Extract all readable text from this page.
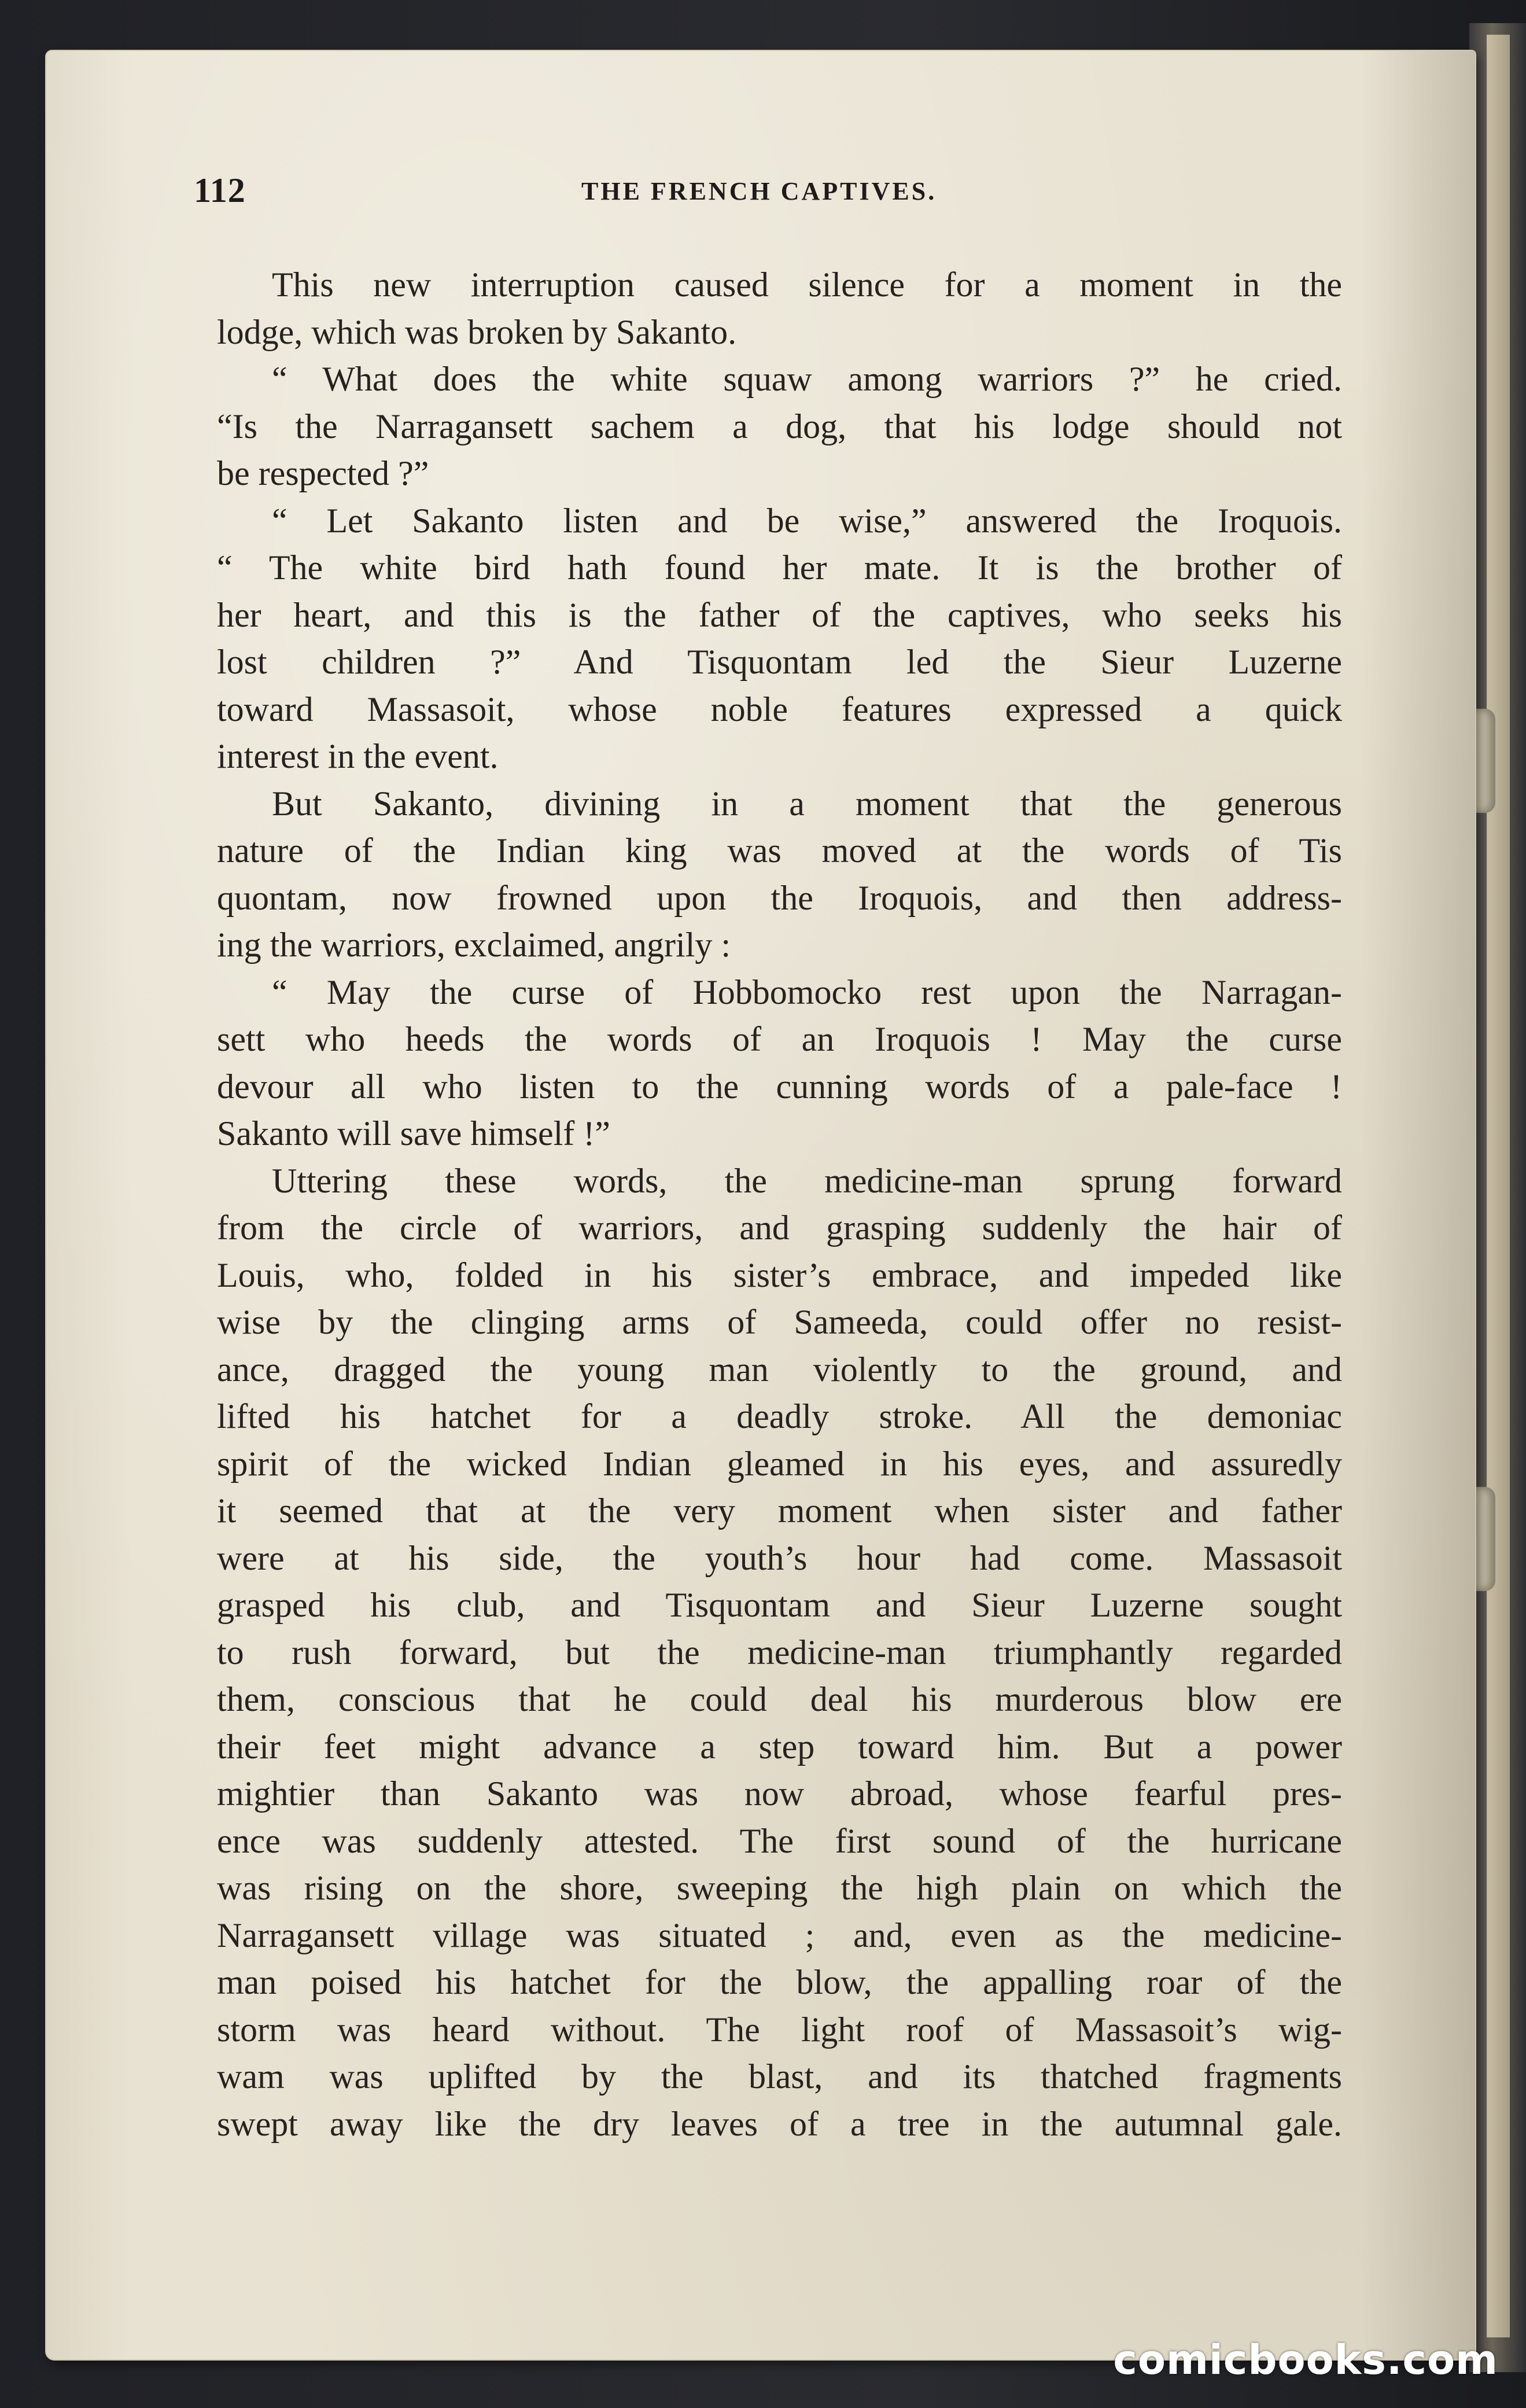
112	THE FRENCH CAPTIVES.

This new interruption caused silence for a moment in the

lodge, which was broken by Sakanto.

“ What does the white squaw among warriors ?” he cried.

“Is the Narragansett sachem a dog, that his lodge should not

be respected ?”

“ Let Sakanto listen and be wise,” answered the Iroquois.

“ The white bird hath found her mate. It is the brother of

her heart, and this is the father of the captives, who seeks his

lost children ?” And Tisquontam led the Sieur Luzerne

toward Massasoit, whose noble features expressed a quick

interest in the event.

But Sakanto, divining in a moment that the generous

nature of the Indian king was moved at the words of Tis

quontam, now frowned upon the Iroquois, and then address-

ing the warriors, exclaimed, angrily :

“ May the curse of Hobbomocko rest upon the Narragan-

sett who heeds the words of an Iroquois ! May the curse

devour all who listen to the cunning words of a pale-face !

Sakanto will save himself !”

Uttering these words, the medicine-man sprung forward

from the circle of warriors, and grasping suddenly the hair of

Louis, who, folded in his sister’s embrace, and impeded like

wise by the clinging arms of Sameeda, could offer no resist-

ance, dragged the young man violently to the ground, and

lifted his hatchet for a deadly stroke. All the demoniac

spirit of the wicked Indian gleamed in his eyes, and assuredly

it seemed that at the very moment when sister and father

were at his side, the youth’s hour had come. Massasoit

grasped his club, and Tisquontam and Sieur Luzerne sought

to rush forward, but the medicine-man triumphantly regarded

them, conscious that he could deal his murderous blow ere

their feet might advance a step toward him. But a power

mightier than Sakanto was now abroad, whose fearful pres-

ence was suddenly attested. The first sound of the hurricane

was rising on the shore, sweeping the high plain on which the

Narragansett village was situated ; and, even as the medicine-

man poised his hatchet for the blow, the appalling roar of the

storm was heard without. The light roof of Massasoit’s wig-

wam was uplifted by the blast, and its thatched fragments

swept away like the dry leaves of a tree in the autumnal gale.

comicbooks.com
